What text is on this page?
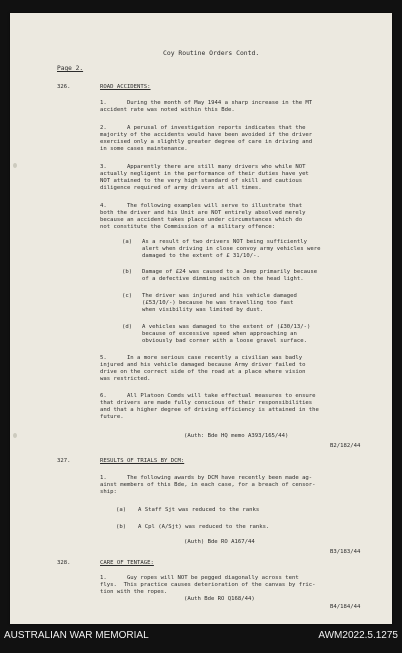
Coy Routine Orders Contd.
Page 2.
326.	ROAD ACCIDENTS:
1.      During the month of May 1944 a sharp increase in the MT
accident rate was noted within this Bde.
2.      A perusal of investigation reports indicates that the
majority of the accidents would have been avoided if the driver
exercised only a slightly greater degree of care in driving and
in some cases maintenance.
3.      Apparently there are still many drivers who while NOT
actually negligent in the performance of their duties have yet
NOT attained to the very high standard of skill and cautious
diligence required of army drivers at all times.
4.      The following examples will serve to illustrate that
both the driver and his Unit are NOT entirely absolved merely
because an accident takes place under circumstances which do
not constitute the Commission of a military offence:
(a) As a result of two drivers NOT being sufficiently
alert when driving in close convoy army vehicles were
damaged to the extent of £ 31/10/-.
(b) Damage of £24 was caused to a Jeep primarily because
of a defective dimming switch on the head light.
(c) The driver was injured and his vehicle damaged
(£53/10/-) because he was travelling too fast
when visibility was limited by dust.
(d) A vehicles was damaged to the extent of (£30/13/-)
because of excessive speed when approaching an
obviously bad corner with a loose gravel surface.
5.      In a more serious case recently a civilian was badly
injured and his vehicle damaged because Army driver failed to
drive on the correct side of the road at a place where vision
was restricted.
6.      All Platoon Comds will take effectual measures to ensure
that drivers are made fully conscious of their responsibilities
and that a higher degree of driving efficiency is attained in the
future.
(Auth: Bde HQ memo A393/165/44)
B2/182/44
327.	RESULTS OF TRIALS BY DCM:
1.      The following awards by DCM have recently been made ag-
ainst members of this Bde, in each case, for a breach of censor-
ship:
(a) A Staff Sjt was reduced to the ranks
(b) A Cpl (A/Sjt) was reduced to the ranks.
(Auth) Bde RO A167/44
B3/183/44
328.	CARE OF TENTAGE:
1.      Guy ropes will NOT be pegged diagonally across tent
flys.  This practice causes deterioration of the canvas by fric-
tion with the ropes.
(Auth Bde RO Q168/44)
B4/184/44
AUSTRALIAN WAR MEMORIAL	AWM2022.5.1275
